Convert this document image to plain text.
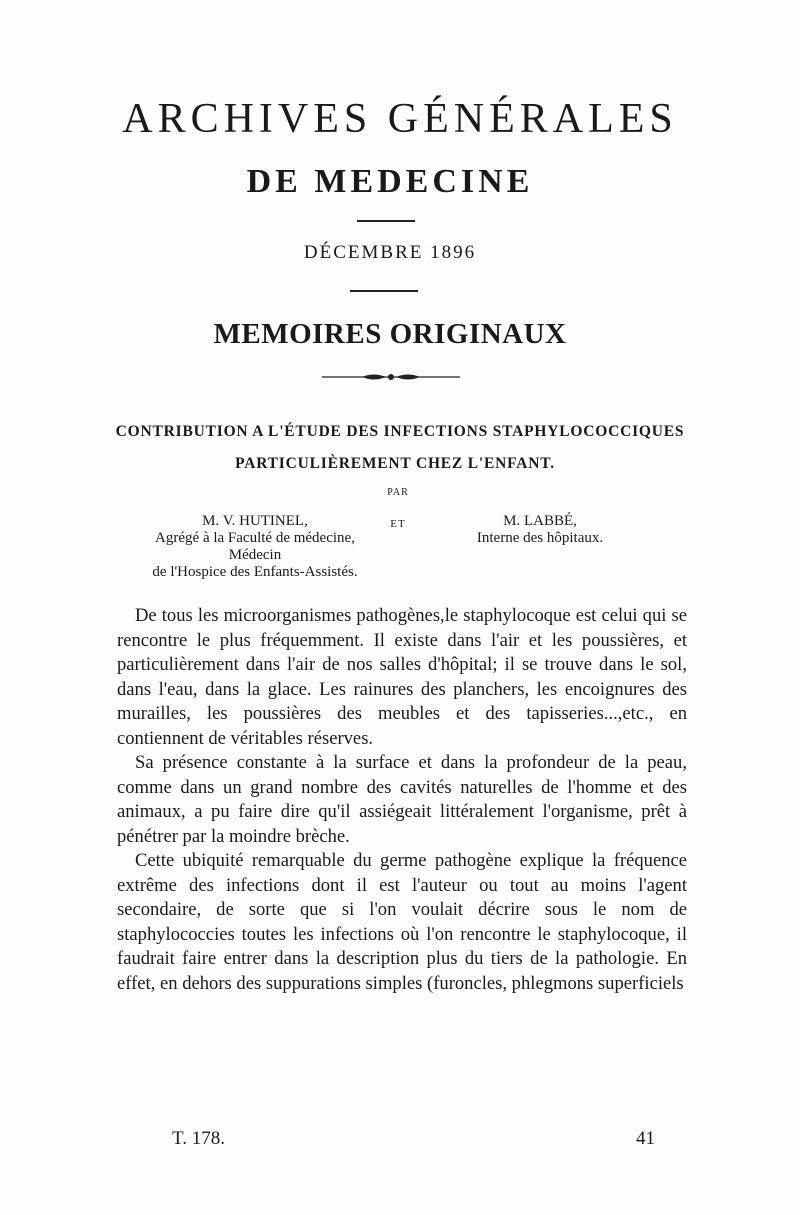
ARCHIVES GÉNÉRALES
DE MEDECINE
DÉCEMBRE 1896
MEMOIRES ORIGINAUX
CONTRIBUTION A L'ÉTUDE DES INFECTIONS STAPHYLOCOCCIQUES
PARTICULIÈREMENT CHEZ L'ENFANT.
PAR
M. V. HUTINEL,
Agrégé à la Faculté de médecine,
Médecin
de l'Hospice des Enfants-Assistés.
ET	M. LABBÉ,
Interne des hôpitaux.

De tous les microorganismes pathogènes,le staphylocoque est celui qui se rencontre le plus fréquemment. Il existe dans l'air et les poussières, et particulièrement dans l'air de nos salles d'hôpital; il se trouve dans le sol, dans l'eau, dans la glace. Les rainures des planchers, les encoignures des murailles, les poussières des meubles et des tapisseries...,etc., en contiennent de véritables réserves.

Sa présence constante à la surface et dans la profondeur de la peau, comme dans un grand nombre des cavités naturelles de l'homme et des animaux, a pu faire dire qu'il assiégeait littéralement l'organisme, prêt à pénétrer par la moindre brèche.

Cette ubiquité remarquable du germe pathogène explique la fréquence extrême des infections dont il est l'auteur ou tout au moins l'agent secondaire, de sorte que si l'on voulait décrire sous le nom de staphylococcies toutes les infections où l'on rencontre le staphylocoque, il faudrait faire entrer dans la description plus du tiers de la pathologie. En effet, en dehors des suppurations simples (furoncles, phlegmons superficiels

T. 178.	41
